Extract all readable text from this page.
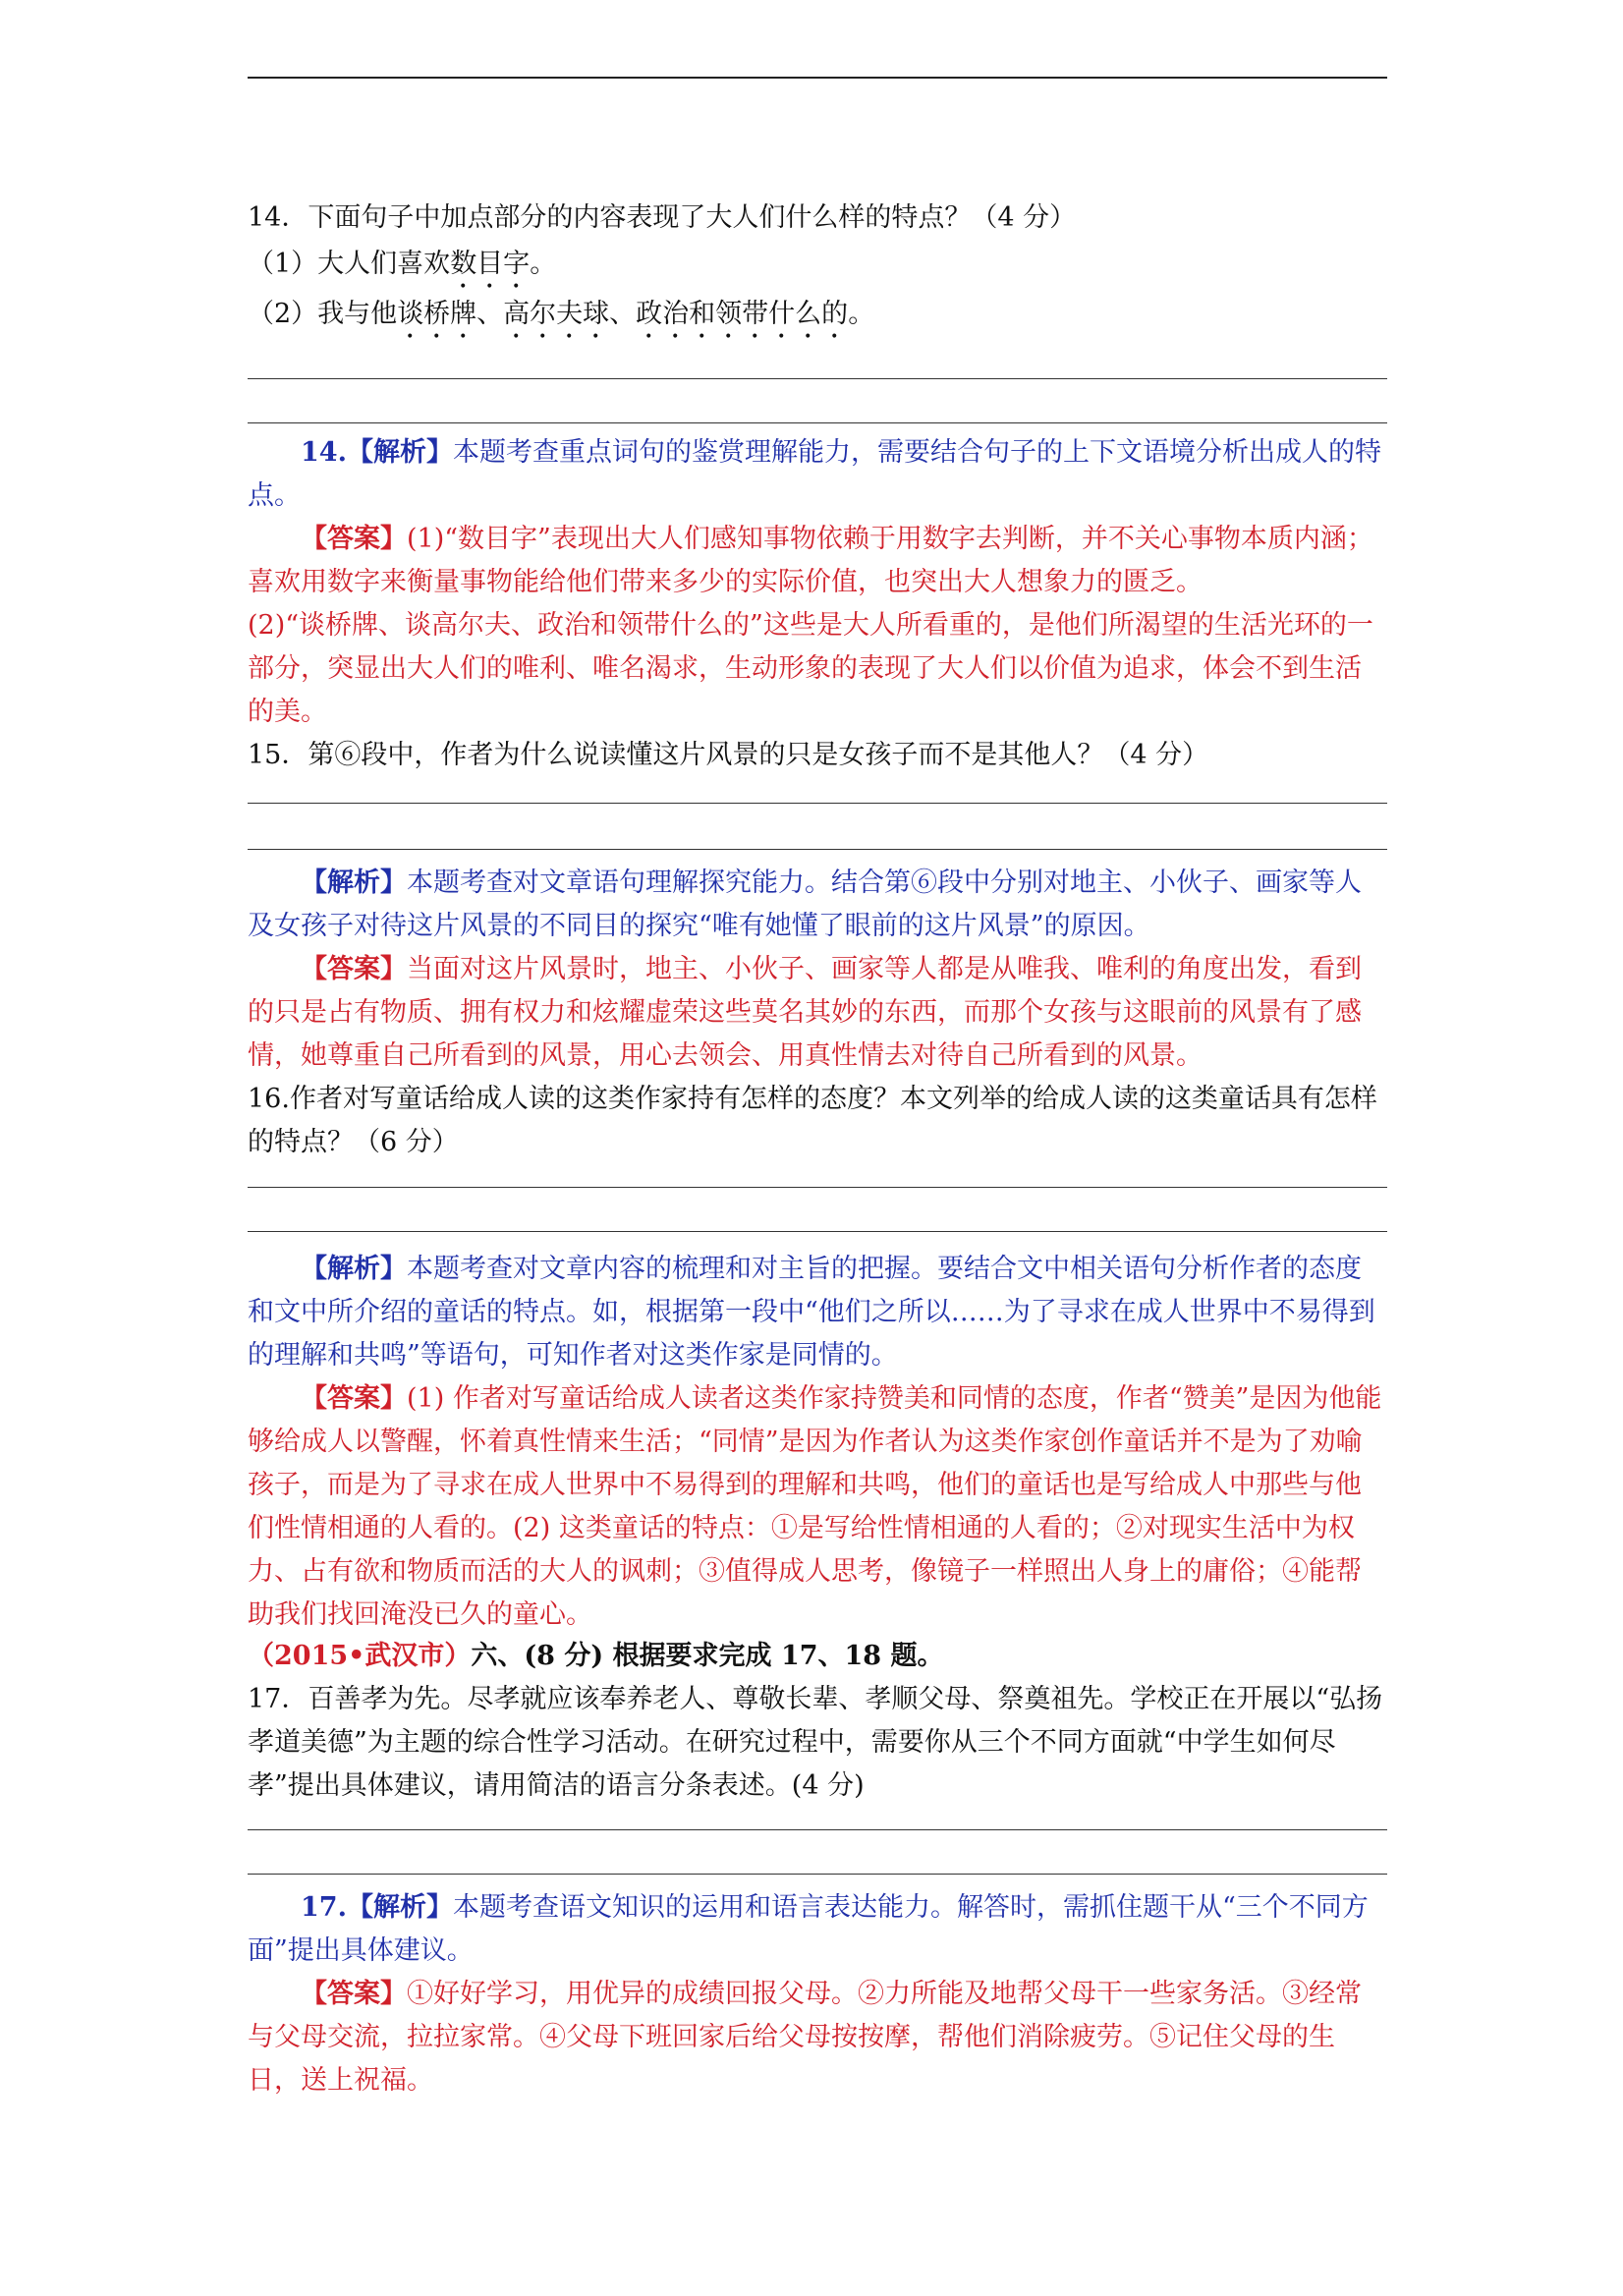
14．下面句子中加点部分的内容表现了大人们什么样的特点？（4 分）

（1）大人们喜欢数目字。

（2）我与他谈桥牌、高尔夫球、政治和领带什么的。

14.【解析】本题考查重点词句的鉴赏理解能力，需要结合句子的上下文语境分析出成人的特点。

【答案】(1)“数目字”表现出大人们感知事物依赖于用数字去判断，并不关心事物本质内涵；喜欢用数字来衡量事物能给他们带来多少的实际价值，也突出大人想象力的匮乏。

(2)“谈桥牌、谈高尔夫、政治和领带什么的”这些是大人所看重的，是他们所渴望的生活光环的一部分，突显出大人们的唯利、唯名渴求，生动形象的表现了大人们以价值为追求，体会不到生活的美。

15．第⑥段中，作者为什么说读懂这片风景的只是女孩子而不是其他人？（4 分）

【解析】本题考查对文章语句理解探究能力。结合第⑥段中分别对地主、小伙子、画家等人及女孩子对待这片风景的不同目的探究“唯有她懂了眼前的这片风景”的原因。

【答案】当面对这片风景时，地主、小伙子、画家等人都是从唯我、唯利的角度出发，看到的只是占有物质、拥有权力和炫耀虚荣这些莫名其妙的东西，而那个女孩与这眼前的风景有了感情，她尊重自己所看到的风景，用心去领会、用真性情去对待自己所看到的风景。

16.作者对写童话给成人读的这类作家持有怎样的态度？本文列举的给成人读的这类童话具有怎样的特点？（6 分）

【解析】本题考查对文章内容的梳理和对主旨的把握。要结合文中相关语句分析作者的态度和文中所介绍的童话的特点。如，根据第一段中“他们之所以……为了寻求在成人世界中不易得到的理解和共鸣”等语句，可知作者对这类作家是同情的。

【答案】(1) 作者对写童话给成人读者这类作家持赞美和同情的态度，作者“赞美”是因为他能够给成人以警醒，怀着真性情来生活；“同情”是因为作者认为这类作家创作童话并不是为了劝喻孩子，而是为了寻求在成人世界中不易得到的理解和共鸣，他们的童话也是写给成人中那些与他们性情相通的人看的。(2) 这类童话的特点：①是写给性情相通的人看的；②对现实生活中为权力、占有欲和物质而活的大人的讽刺；③值得成人思考，像镜子一样照出人身上的庸俗；④能帮助我们找回淹没已久的童心。

（2015•武汉市）六、(8 分) 根据要求完成 17、18 题。

17．百善孝为先。尽孝就应该奉养老人、尊敬长辈、孝顺父母、祭奠祖先。学校正在开展以“弘扬孝道美德”为主题的综合性学习活动。在研究过程中，需要你从三个不同方面就“中学生如何尽孝”提出具体建议，请用简洁的语言分条表述。(4 分)

17.【解析】本题考查语文知识的运用和语言表达能力。解答时，需抓住题干从“三个不同方面”提出具体建议。

【答案】①好好学习，用优异的成绩回报父母。②力所能及地帮父母干一些家务活。③经常与父母交流，拉拉家常。④父母下班回家后给父母按按摩，帮他们消除疲劳。⑤记住父母的生日，送上祝福。
